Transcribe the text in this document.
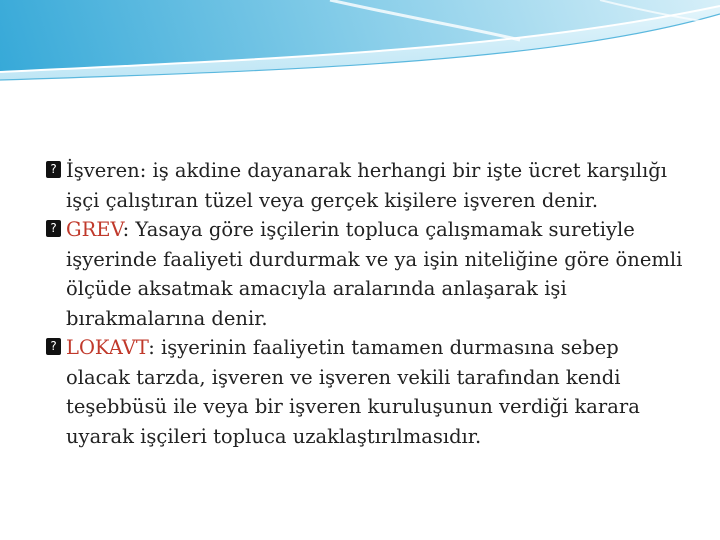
? İşveren: iş akdine dayanarak herhangi bir işte ücret karşılığı işçi çalıştıran tüzel veya gerçek kişilere işveren denir.

? GREV: Yasaya göre işçilerin topluca çalışmamak suretiyle işyerinde faaliyeti durdurmak ve ya işin niteliğine göre önemli ölçüde aksatmak amacıyla aralarında anlaşarak işi bırakmalarına denir.

? LOKAVT: işyerinin faaliyetin tamamen durmasına sebep olacak tarzda, işveren ve işveren vekili tarafından kendi teşebbüsü ile veya bir işveren kuruluşunun verdiği karara uyarak işçileri topluca uzaklaştırılmasıdır.
